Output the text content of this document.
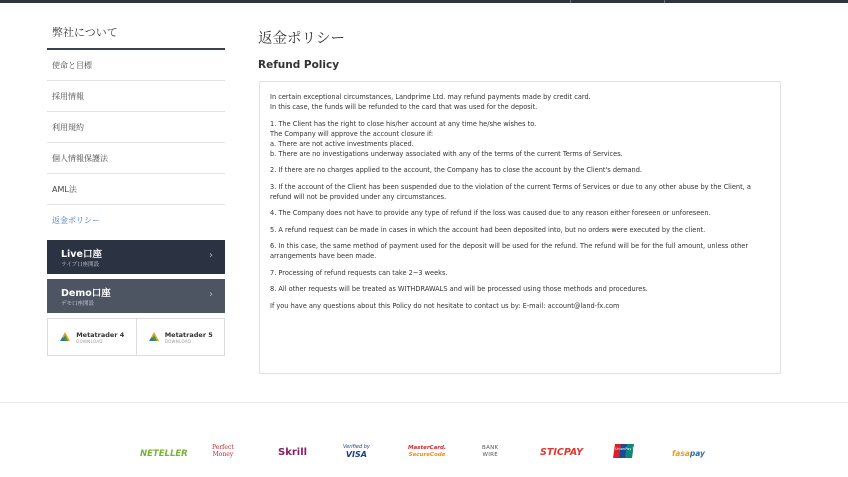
弊社について
使命と目標
採用情報
利用規約
個人情報保護法
AML法
返金ポリシー
Live口座
ライブ口座開設
›
Demo口座
デモ口座開設
›
Metatrader 4
DOWNLOAD
Metatrader 5
DOWNLOAD
返金ポリシー
Refund Policy

In certain exceptional circumstances, Landprime Ltd. may refund payments made by credit card.
In this case, the funds will be refunded to the card that was used for the deposit.

1. The Client has the right to close his/her account at any time he/she wishes to.
The Company will approve the account closure if:
a. There are not active investments placed.
b. There are no investigations underway associated with any of the terms of the current Terms of Services.

2. If there are no charges applied to the account, the Company has to close the account by the Client's demand.

3. If the account of the Client has been suspended due to the violation of the current Terms of Services or due to any other abuse by the Client, a
refund will not be provided under any circumstances.

4. The Company does not have to provide any type of refund if the loss was caused due to any reason either foreseen or unforeseen.

5. A refund request can be made in cases in which the account had been deposited into, but no orders were executed by the client.

6. In this case, the same method of payment used for the deposit will be used for the refund. The refund will be for the full amount, unless other
arrangements have been made.

7. Processing of refund requests can take 2~3 weeks.

8. All other requests will be treated as WITHDRAWALS and will be processed using those methods and procedures.

If you have any questions about this Policy do not hesitate to contact us by: E-mail: account@land-fx.com

NETELLER
Perfect
Money	Skrill	Verified by
VISA
MasterCard.
SecureCode
BANK
WIRE	STICPAY	UnionPay 银联	fasapay
